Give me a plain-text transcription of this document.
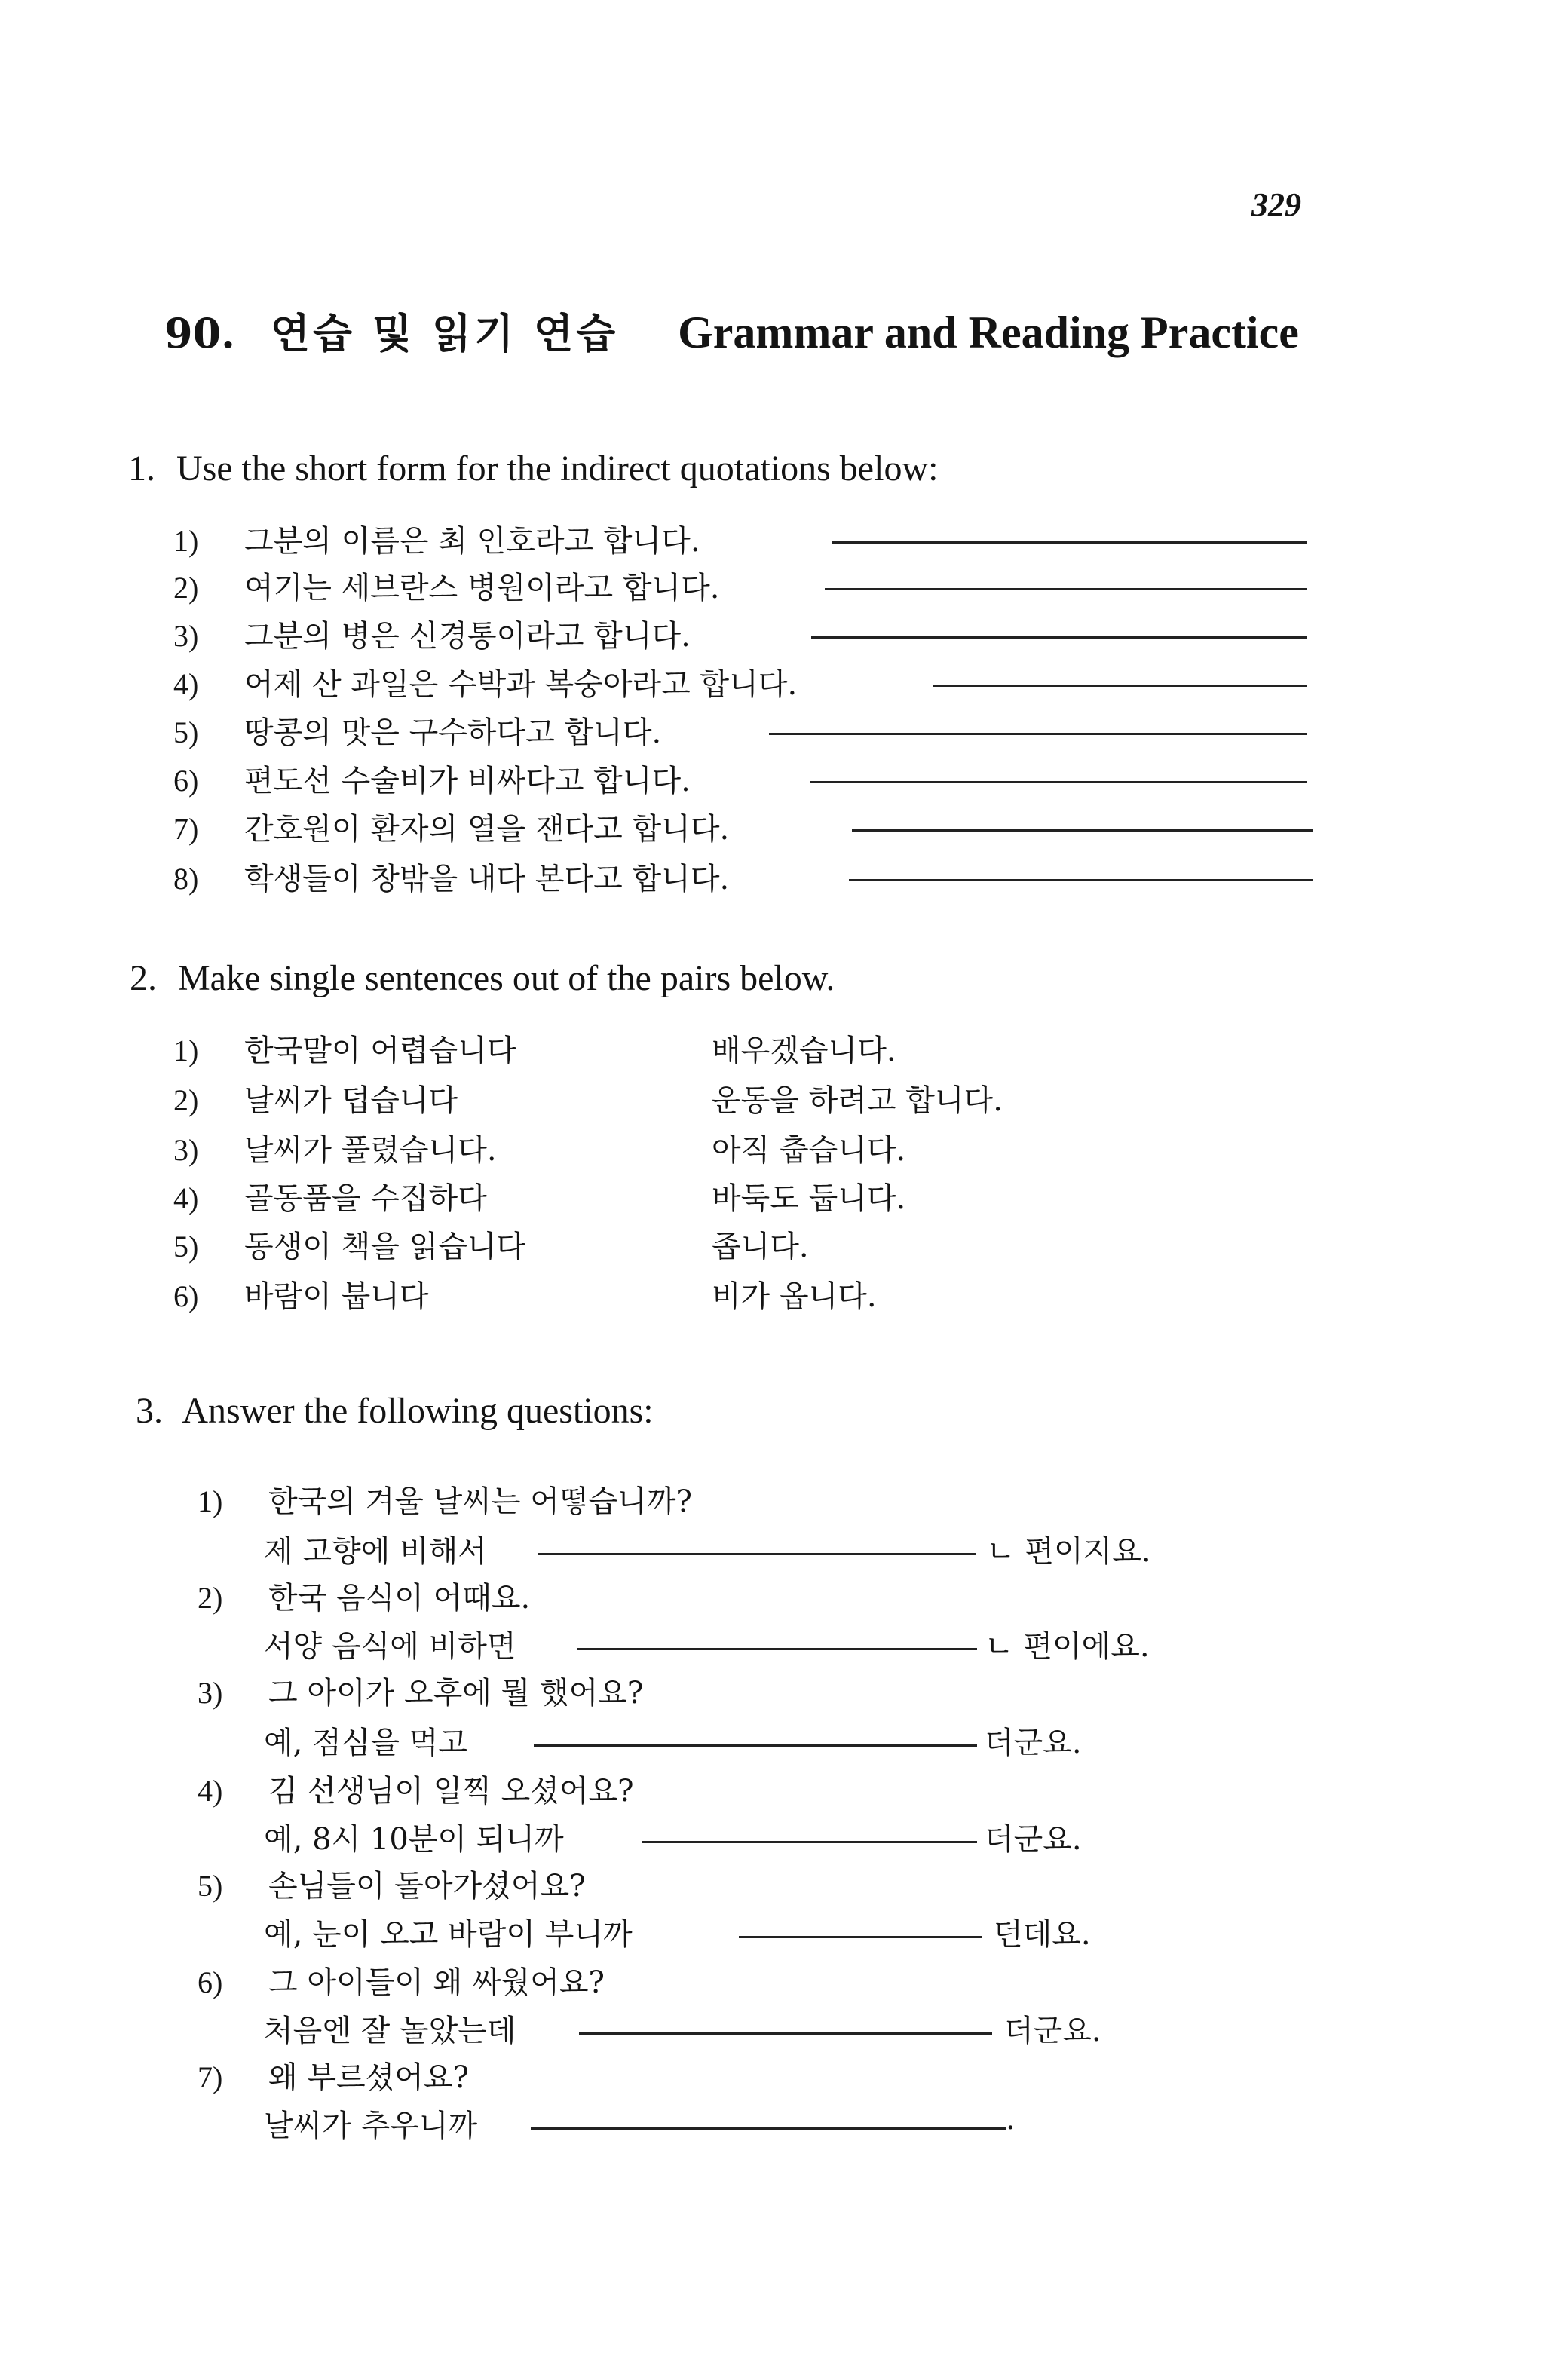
329
90. 연습 및 읽기 연습 Grammar and Reading Practice
1. Use the short form for the indirect quotations below:
1) 그분의 이름은 최 인호라고 합니다.
2) 여기는 세브란스 병원이라고 합니다.
3) 그분의 병은 신경통이라고 합니다.
4) 어제 산 과일은 수박과 복숭아라고 합니다.
5) 땅콩의 맛은 구수하다고 합니다.
6) 편도선 수술비가 비싸다고 합니다.
7) 간호원이 환자의 열을 잰다고 합니다.
8) 학생들이 창밖을 내다 본다고 합니다.
2. Make single sentences out of the pairs below.
1) 한국말이 어렵습니다	배우겠습니다.
2) 날씨가 덥습니다	운동을 하려고 합니다.
3) 날씨가 풀렸습니다.	아직 춥습니다.
4) 골동품을 수집하다	바둑도 둡니다.
5) 동생이 책을 읽습니다	좁니다.
6) 바람이 붑니다	비가 옵니다.
3. Answer the following questions:
1) 한국의 겨울 날씨는 어떻습니까?
제 고향에 비해서	ㄴ 편이지요.
2) 한국 음식이 어때요.
서양 음식에 비하면	ㄴ 편이에요.
3) 그 아이가 오후에 뭘 했어요?
예, 점심을 먹고	더군요.
4) 김 선생님이 일찍 오셨어요?
예, 8시 10분이 되니까	더군요.
5) 손님들이 돌아가셨어요?
예, 눈이 오고 바람이 부니까	던데요.
6) 그 아이들이 왜 싸웠어요?
처음엔 잘 놀았는데	더군요.
7) 왜 부르셨어요?
날씨가 추우니까	.
